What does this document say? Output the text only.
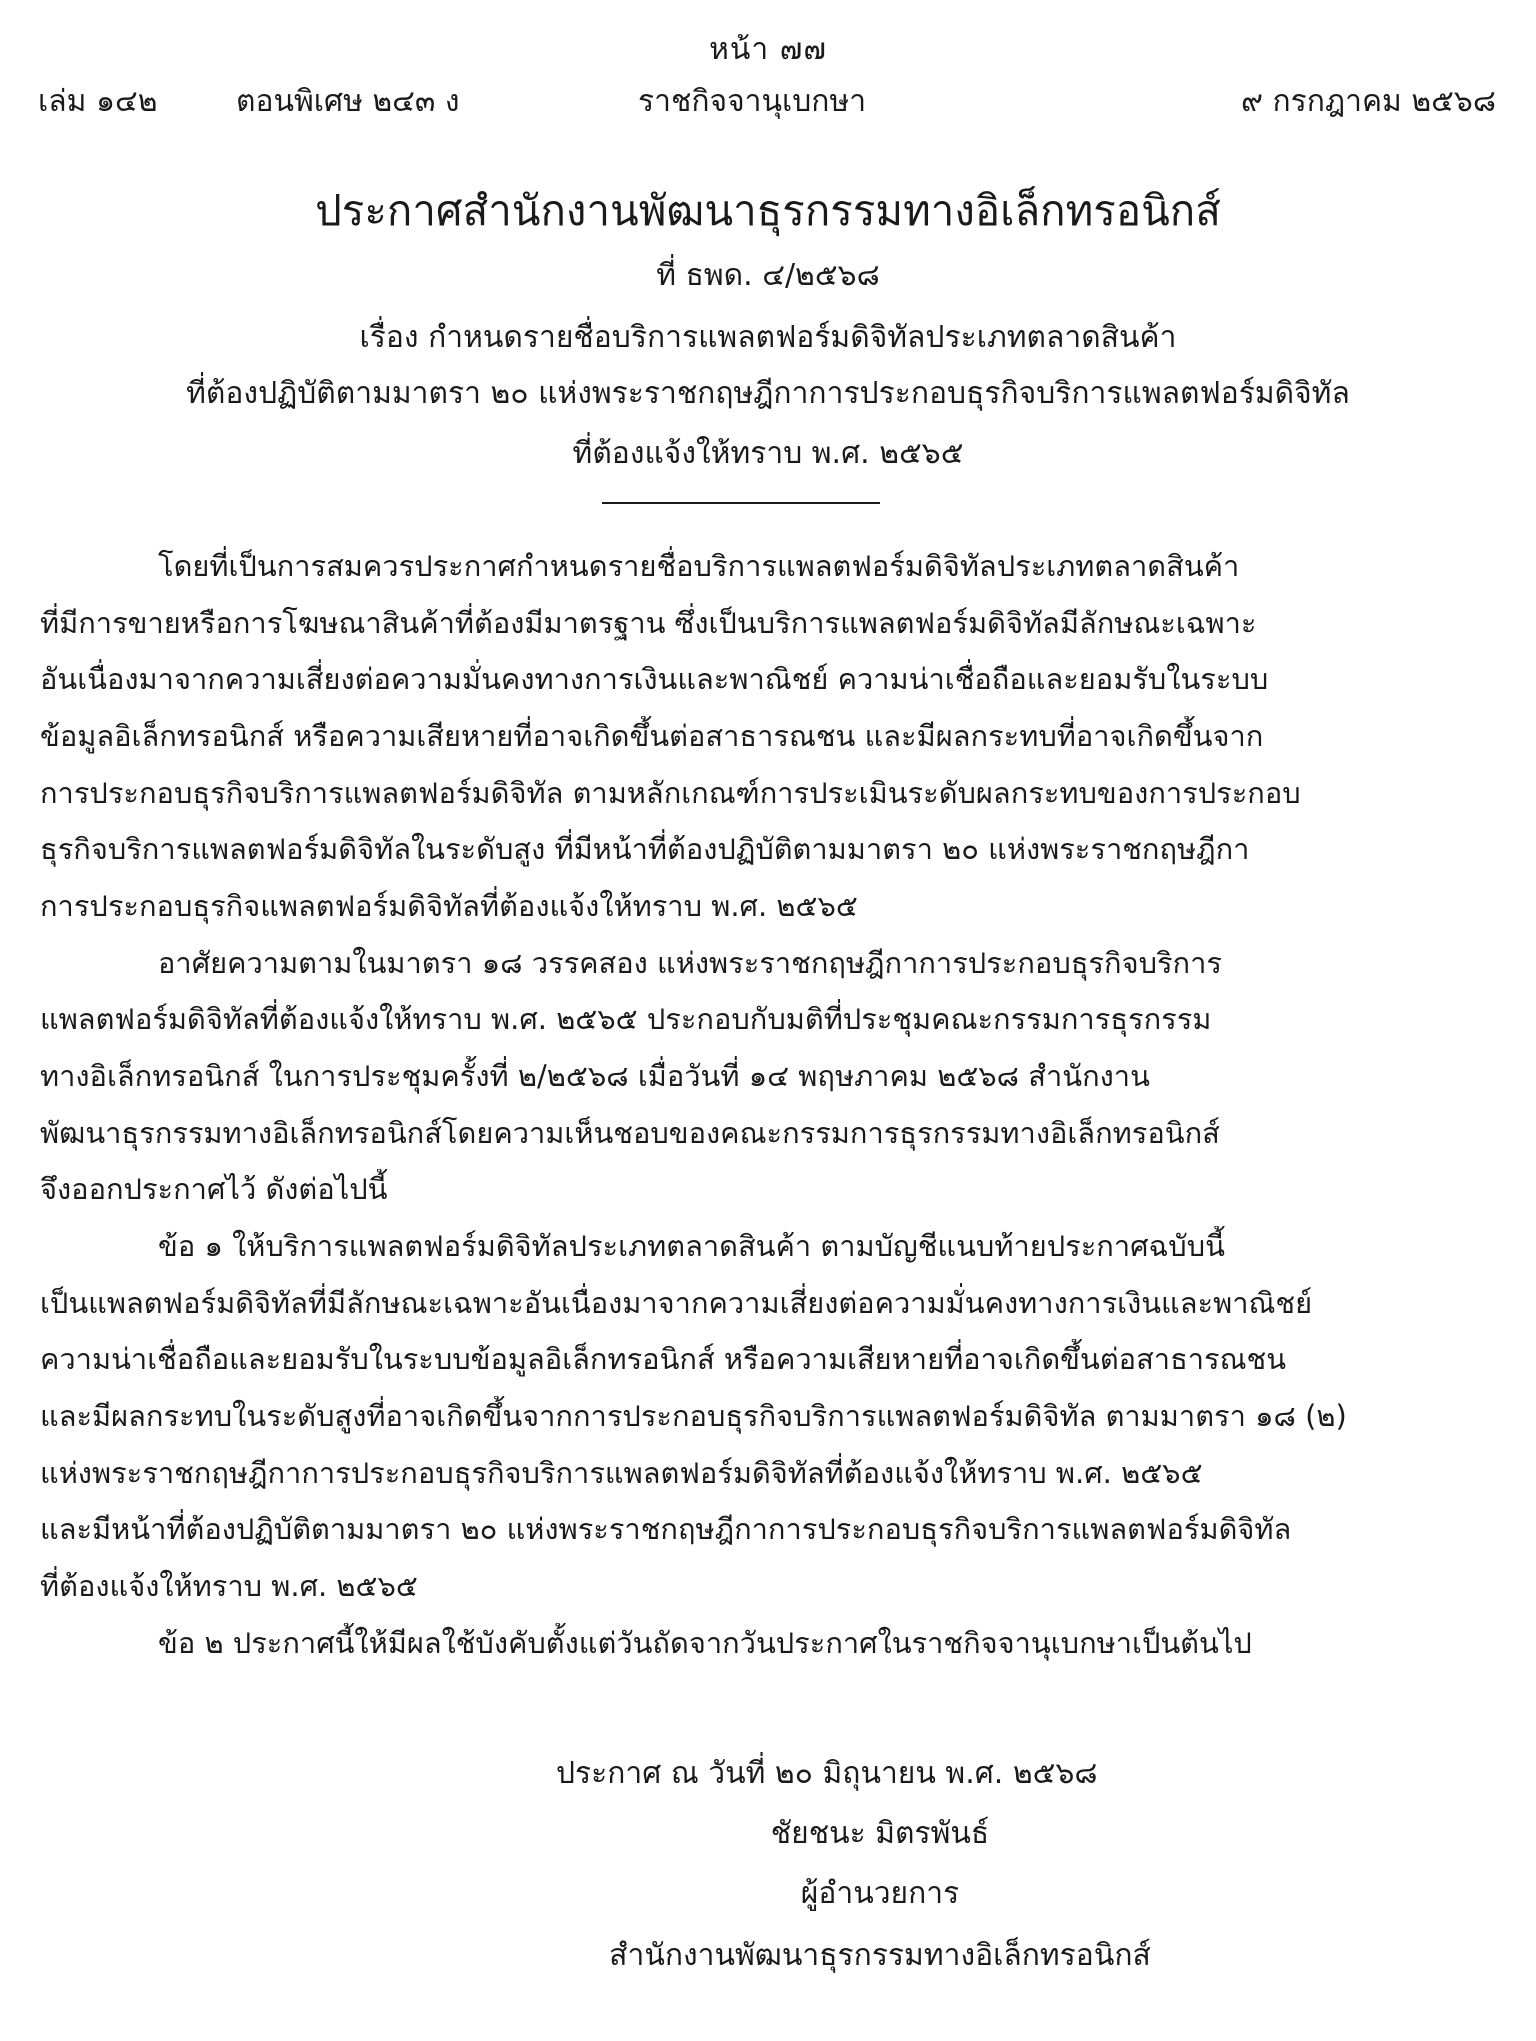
หน้า ๗๗
เล่ม ๑๔๒	ตอนพิเศษ ๒๔๓ ง	ราชกิจจานุเบกษา	๙ กรกฎาคม ๒๕๖๘
ประกาศสำนักงานพัฒนาธุรกรรมทางอิเล็กทรอนิกส์
ที่ ธพด. ๔/๒๕๖๘
เรื่อง กำหนดรายชื่อบริการแพลตฟอร์มดิจิทัลประเภทตลาดสินค้า
ที่ต้องปฏิบัติตามมาตรา ๒๐ แห่งพระราชกฤษฎีกาการประกอบธุรกิจบริการแพลตฟอร์มดิจิทัล
ที่ต้องแจ้งให้ทราบ พ.ศ. ๒๕๖๕
โดยที่เป็นการสมควรประกาศกำหนดรายชื่อบริการแพลตฟอร์มดิจิทัลประเภทตลาดสินค้า
ที่มีการขายหรือการโฆษณาสินค้าที่ต้องมีมาตรฐาน ซึ่งเป็นบริการแพลตฟอร์มดิจิทัลมีลักษณะเฉพาะ
อันเนื่องมาจากความเสี่ยงต่อความมั่นคงทางการเงินและพาณิชย์ ความน่าเชื่อถือและยอมรับในระบบ
ข้อมูลอิเล็กทรอนิกส์ หรือความเสียหายที่อาจเกิดขึ้นต่อสาธารณชน และมีผลกระทบที่อาจเกิดขึ้นจาก
การประกอบธุรกิจบริการแพลตฟอร์มดิจิทัล ตามหลักเกณฑ์การประเมินระดับผลกระทบของการประกอบ
ธุรกิจบริการแพลตฟอร์มดิจิทัลในระดับสูง ที่มีหน้าที่ต้องปฏิบัติตามมาตรา ๒๐ แห่งพระราชกฤษฎีกา
การประกอบธุรกิจแพลตฟอร์มดิจิทัลที่ต้องแจ้งให้ทราบ พ.ศ. ๒๕๖๕
อาศัยความตามในมาตรา ๑๘ วรรคสอง แห่งพระราชกฤษฎีกาการประกอบธุรกิจบริการ
แพลตฟอร์มดิจิทัลที่ต้องแจ้งให้ทราบ พ.ศ. ๒๕๖๕ ประกอบกับมติที่ประชุมคณะกรรมการธุรกรรม
ทางอิเล็กทรอนิกส์ ในการประชุมครั้งที่ ๒/๒๕๖๘ เมื่อวันที่ ๑๔ พฤษภาคม ๒๕๖๘ สำนักงาน
พัฒนาธุรกรรมทางอิเล็กทรอนิกส์โดยความเห็นชอบของคณะกรรมการธุรกรรมทางอิเล็กทรอนิกส์
จึงออกประกาศไว้ ดังต่อไปนี้
ข้อ ๑ ให้บริการแพลตฟอร์มดิจิทัลประเภทตลาดสินค้า ตามบัญชีแนบท้ายประกาศฉบับนี้
เป็นแพลตฟอร์มดิจิทัลที่มีลักษณะเฉพาะอันเนื่องมาจากความเสี่ยงต่อความมั่นคงทางการเงินและพาณิชย์
ความน่าเชื่อถือและยอมรับในระบบข้อมูลอิเล็กทรอนิกส์ หรือความเสียหายที่อาจเกิดขึ้นต่อสาธารณชน
และมีผลกระทบในระดับสูงที่อาจเกิดขึ้นจากการประกอบธุรกิจบริการแพลตฟอร์มดิจิทัล ตามมาตรา ๑๘ (๒)
แห่งพระราชกฤษฎีกาการประกอบธุรกิจบริการแพลตฟอร์มดิจิทัลที่ต้องแจ้งให้ทราบ พ.ศ. ๒๕๖๕
และมีหน้าที่ต้องปฏิบัติตามมาตรา ๒๐ แห่งพระราชกฤษฎีกาการประกอบธุรกิจบริการแพลตฟอร์มดิจิทัล
ที่ต้องแจ้งให้ทราบ พ.ศ. ๒๕๖๕
ข้อ ๒ ประกาศนี้ให้มีผลใช้บังคับตั้งแต่วันถัดจากวันประกาศในราชกิจจานุเบกษาเป็นต้นไป
ประกาศ ณ วันที่ ๒๐ มิถุนายน พ.ศ. ๒๕๖๘
ชัยชนะ มิตรพันธ์
ผู้อำนวยการ
สำนักงานพัฒนาธุรกรรมทางอิเล็กทรอนิกส์
